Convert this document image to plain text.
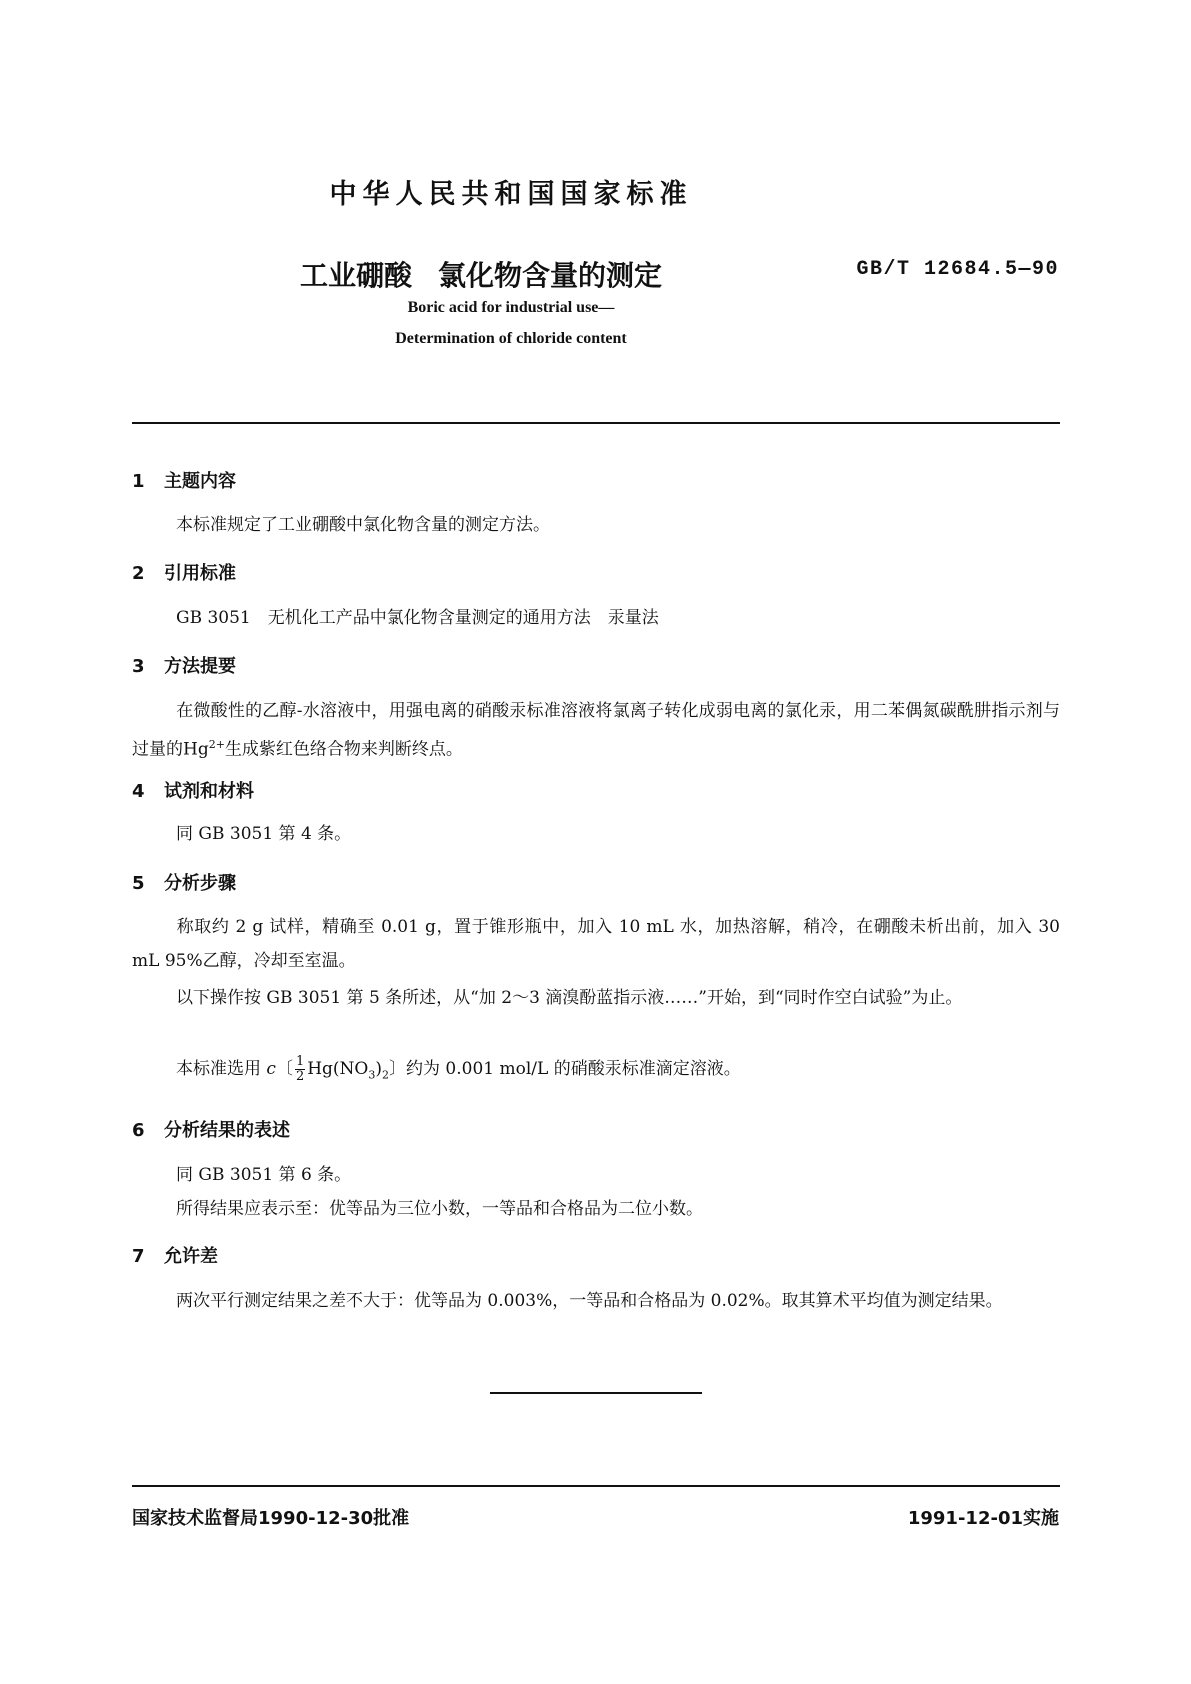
中华人民共和国国家标准
工业硼酸 氯化物含量的测定	GB/T 12684.5—90
Boric acid for industrial use—
Determination of chloride content
1 主题内容
本标准规定了工业硼酸中氯化物含量的测定方法。
2 引用标准
GB 3051　无机化工产品中氯化物含量测定的通用方法　汞量法
3 方法提要
在微酸性的乙醇-水溶液中，用强电离的硝酸汞标准溶液将氯离子转化成弱电离的氯化汞，用二苯偶氮碳酰肼指示剂与过量的$Hg^{2+}$生成紫红色络合物来判断终点。
4 试剂和材料
同 GB 3051 第 4 条。
5 分析步骤
称取约 2 g 试样，精确至 0.01 g，置于锥形瓶中，加入 10 mL 水，加热溶解，稍冷，在硼酸未析出前，加入 30 mL 95%乙醇，冷却至室温。
以下操作按 GB 3051 第 5 条所述，从“加 2～3 滴溴酚蓝指示液……”开始，到“同时作空白试验”为止。
本标准选用 c〔 $\frac{1}{2} Hg(NO_3)_2$〕约为 0.001 mol/L 的硝酸汞标准滴定溶液。
6 分析结果的表述
同 GB 3051 第 6 条。
所得结果应表示至：优等品为三位小数，一等品和合格品为二位小数。
7 允许差
两次平行测定结果之差不大于：优等品为 0.003%，一等品和合格品为 0.02%。取其算术平均值为测定结果。
国家技术监督局1990-12-30批准	1991-12-01实施
